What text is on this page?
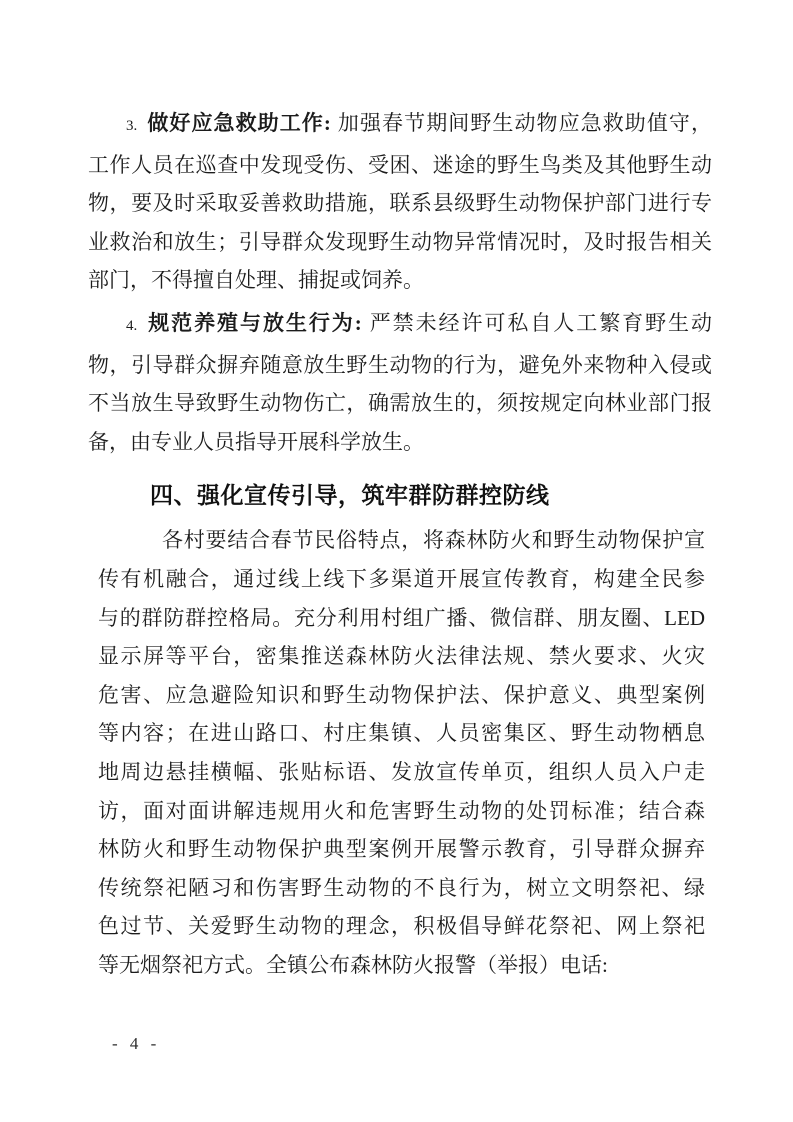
3. 做好应急救助工作: 加强春节期间野生动物应急救助值守，
工作人员在巡查中发现受伤、受困、迷途的野生鸟类及其他野生动
物，要及时采取妥善救助措施，联系县级野生动物保护部门进行专
业救治和放生；引导群众发现野生动物异常情况时，及时报告相关
部门，不得擅自处理、捕捉或饲养。
4. 规范养殖与放生行为: 严禁未经许可私自人工繁育野生动
物，引导群众摒弃随意放生野生动物的行为，避免外来物种入侵或
不当放生导致野生动物伤亡，确需放生的，须按规定向林业部门报
备，由专业人员指导开展科学放生。
四、强化宣传引导，筑牢群防群控防线
各村要结合春节民俗特点，将森林防火和野生动物保护宣
传有机融合，通过线上线下多渠道开展宣传教育，构建全民参
与的群防群控格局。充分利用村组广播、微信群、朋友圈、LED
显示屏等平台，密集推送森林防火法律法规、禁火要求、火灾
危害、应急避险知识和野生动物保护法、保护意义、典型案例
等内容；在进山路口、村庄集镇、人员密集区、野生动物栖息
地周边悬挂横幅、张贴标语、发放宣传单页，组织人员入户走
访，面对面讲解违规用火和危害野生动物的处罚标准；结合森
林防火和野生动物保护典型案例开展警示教育，引导群众摒弃
传统祭祀陋习和伤害野生动物的不良行为，树立文明祭祀、绿
色过节、关爱野生动物的理念，积极倡导鲜花祭祀、网上祭祀
等无烟祭祀方式。全镇公布森林防火报警（举报）电话:
- 4 -
